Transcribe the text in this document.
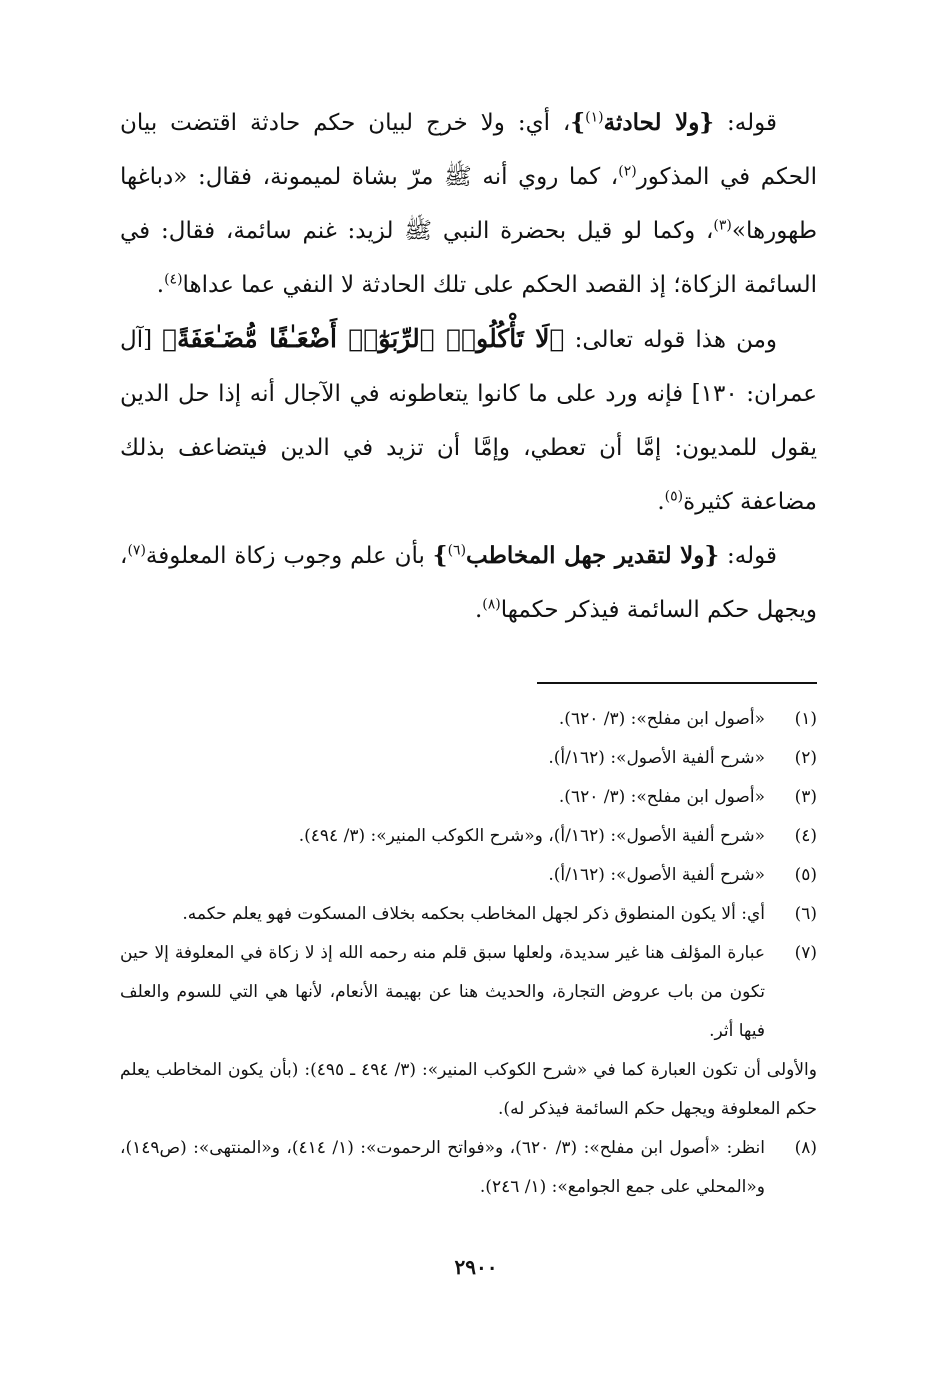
قوله: {ولا لحادثة$^{(١)}$}، أي: ولا خرج لبيان حكم حادثة اقتضت بيان الحكم في المذكور$^{(٢)}$، كما روي أنه ﷺ مرّ بشاة لميمونة، فقال: «دباغها طهورها»$^{(٣)}$، وكما لو قيل بحضرة النبي ﷺ لزيد: غنم سائمة، فقال: في السائمة الزكاة؛ إذ القصد الحكم على تلك الحادثة لا النفي عما عداها$^{(٤)}$.

ومن هذا قوله تعالى: ﴿لَا تَأْكُلُوا۟ ٱلرِّبَوٰٓا۟ أَضْعَـٰفًا مُّضَـٰعَفَةً﴾ [آل عمران: ١٣٠] فإنه ورد على ما كانوا يتعاطونه في الآجال أنه إذا حل الدين يقول للمديون: إمَّا أن تعطي، وإمَّا أن تزيد في الدين فيتضاعف بذلك مضاعفة كثيرة$^{(٥)}$.

قوله: {ولا لتقدير جهل المخاطب$^{(٦)}$} بأن علم وجوب زكاة المعلوفة$^{(٧)}$، ويجهل حكم السائمة فيذكر حكمها$^{(٨)}$.

(١)
«أصول ابن مفلح»: (٣/ ٦٢٠).
(٢)
«شرح ألفية الأصول»: (١٦٢/أ).
(٣)
«أصول ابن مفلح»: (٣/ ٦٢٠).
(٤)
«شرح ألفية الأصول»: (١٦٢/أ)، و«شرح الكوكب المنير»: (٣/ ٤٩٤).
(٥)
«شرح ألفية الأصول»: (١٦٢/أ).
(٦)
أي: ألا يكون المنطوق ذكر لجهل المخاطب بحكمه بخلاف المسكوت فهو يعلم حكمه.
(٧)
عبارة المؤلف هنا غير سديدة، ولعلها سبق قلم منه رحمه الله إذ لا زكاة في المعلوفة إلا حين تكون من باب عروض التجارة، والحديث هنا عن بهيمة الأنعام، لأنها هي التي للسوم والعلف فيها أثر.
والأولى أن تكون العبارة كما في «شرح الكوكب المنير»: (٣/ ٤٩٤ ـ ٤٩٥): (بأن يكون المخاطب يعلم حكم المعلوفة ويجهل حكم السائمة فيذكر له).
(٨)
انظر: «أصول ابن مفلح»: (٣/ ٦٢٠)، و«فواتح الرحموت»: (١/ ٤١٤)، و«المنتهى»: (ص١٤٩)، و«المحلي على جمع الجوامع»: (١/ ٢٤٦).
٢٩٠٠
